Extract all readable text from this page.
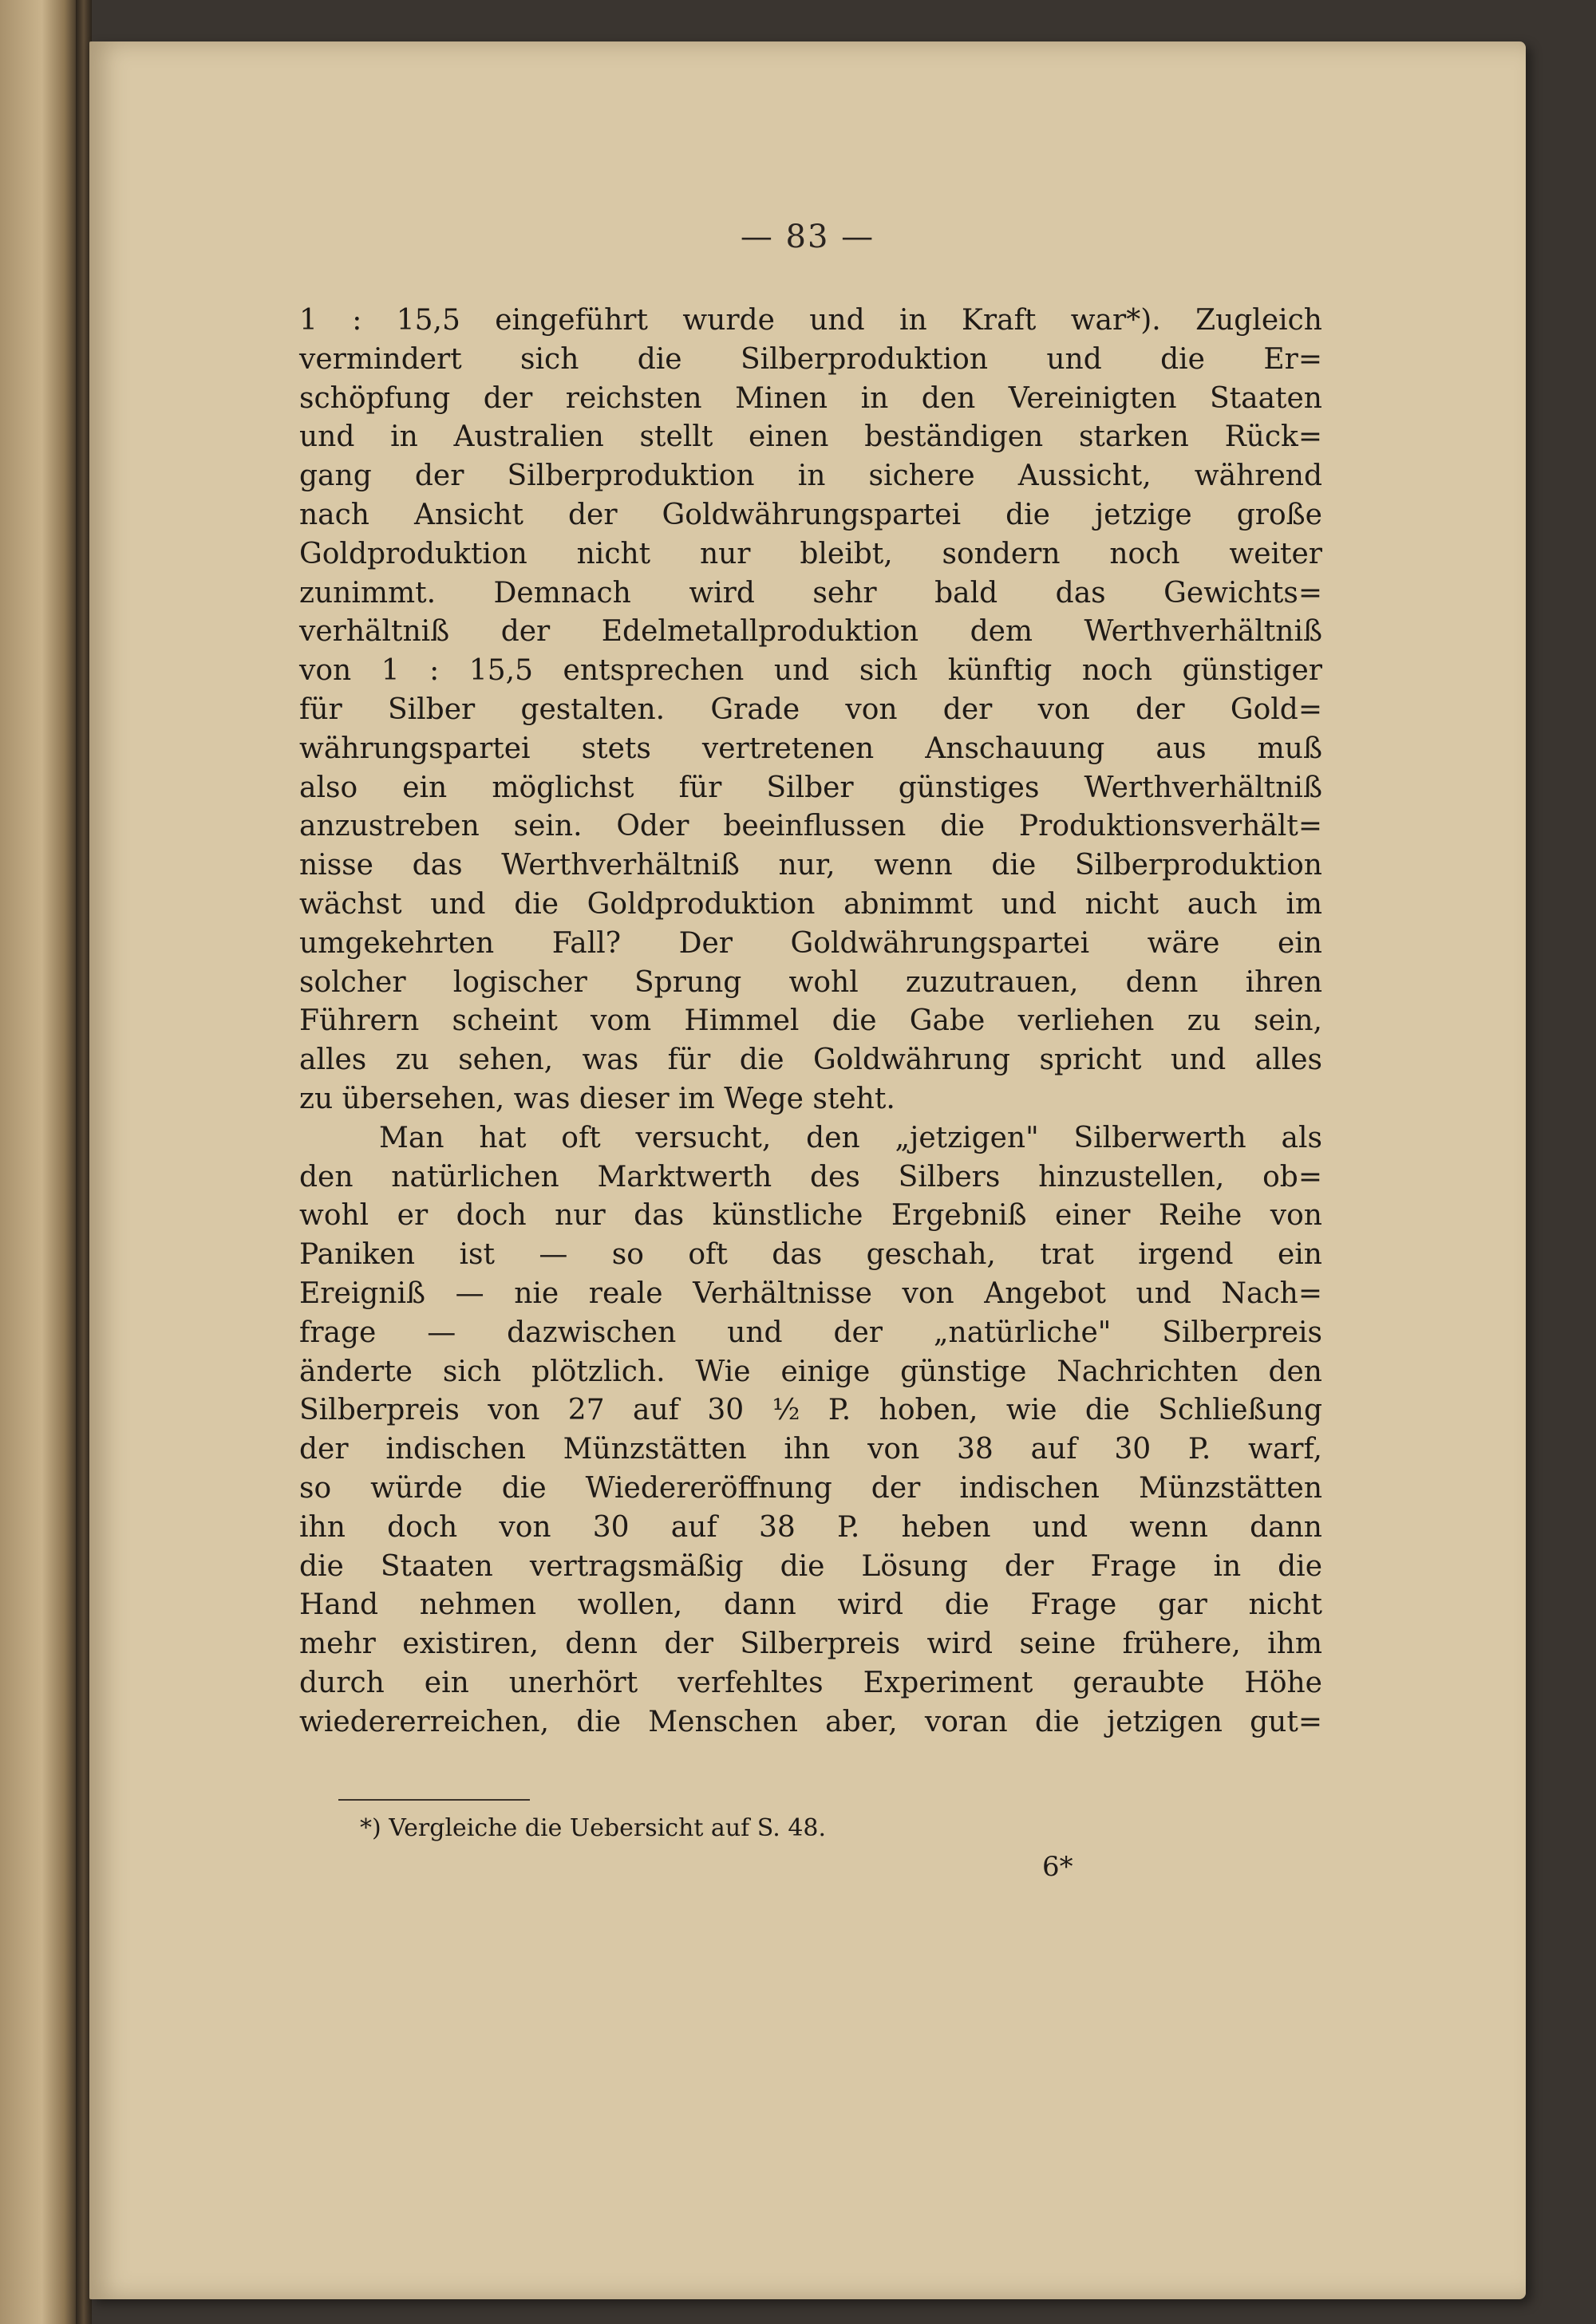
— 83 —
1 : 15,5 eingeführt wurde und in Kraft war*). Zugleich
vermindert sich die Silberproduktion und die Er=
schöpfung der reichsten Minen in den Vereinigten Staaten
und in Australien stellt einen beständigen starken Rück=
gang der Silberproduktion in sichere Aussicht, während
nach Ansicht der Goldwährungspartei die jetzige große
Goldproduktion nicht nur bleibt, sondern noch weiter
zunimmt. Demnach wird sehr bald das Gewichts=
verhältniß der Edelmetallproduktion dem Werthverhältniß
von 1 : 15,5 entsprechen und sich künftig noch günstiger
für Silber gestalten. Grade von der von der Gold=
währungspartei stets vertretenen Anschauung aus muß
also ein möglichst für Silber günstiges Werthverhältniß
anzustreben sein. Oder beeinflussen die Produktionsverhält=
nisse das Werthverhältniß nur, wenn die Silberproduktion
wächst und die Goldproduktion abnimmt und nicht auch im
umgekehrten Fall? Der Goldwährungspartei wäre ein
solcher logischer Sprung wohl zuzutrauen, denn ihren
Führern scheint vom Himmel die Gabe verliehen zu sein,
alles zu sehen, was für die Goldwährung spricht und alles
zu übersehen, was dieser im Wege steht.
Man hat oft versucht, den „jetzigen" Silberwerth als
den natürlichen Marktwerth des Silbers hinzustellen, ob=
wohl er doch nur das künstliche Ergebniß einer Reihe von
Paniken ist — so oft das geschah, trat irgend ein
Ereigniß — nie reale Verhältnisse von Angebot und Nach=
frage — dazwischen und der „natürliche" Silberpreis
änderte sich plötzlich. Wie einige günstige Nachrichten den
Silberpreis von 27 auf 30 ½ P. hoben, wie die Schließung
der indischen Münzstätten ihn von 38 auf 30 P. warf,
so würde die Wiedereröffnung der indischen Münzstätten
ihn doch von 30 auf 38 P. heben und wenn dann
die Staaten vertragsmäßig die Lösung der Frage in die
Hand nehmen wollen, dann wird die Frage gar nicht
mehr existiren, denn der Silberpreis wird seine frühere, ihm
durch ein unerhört verfehltes Experiment geraubte Höhe
wiedererreichen, die Menschen aber, voran die jetzigen gut=
*) Vergleiche die Uebersicht auf S. 48.
6*
